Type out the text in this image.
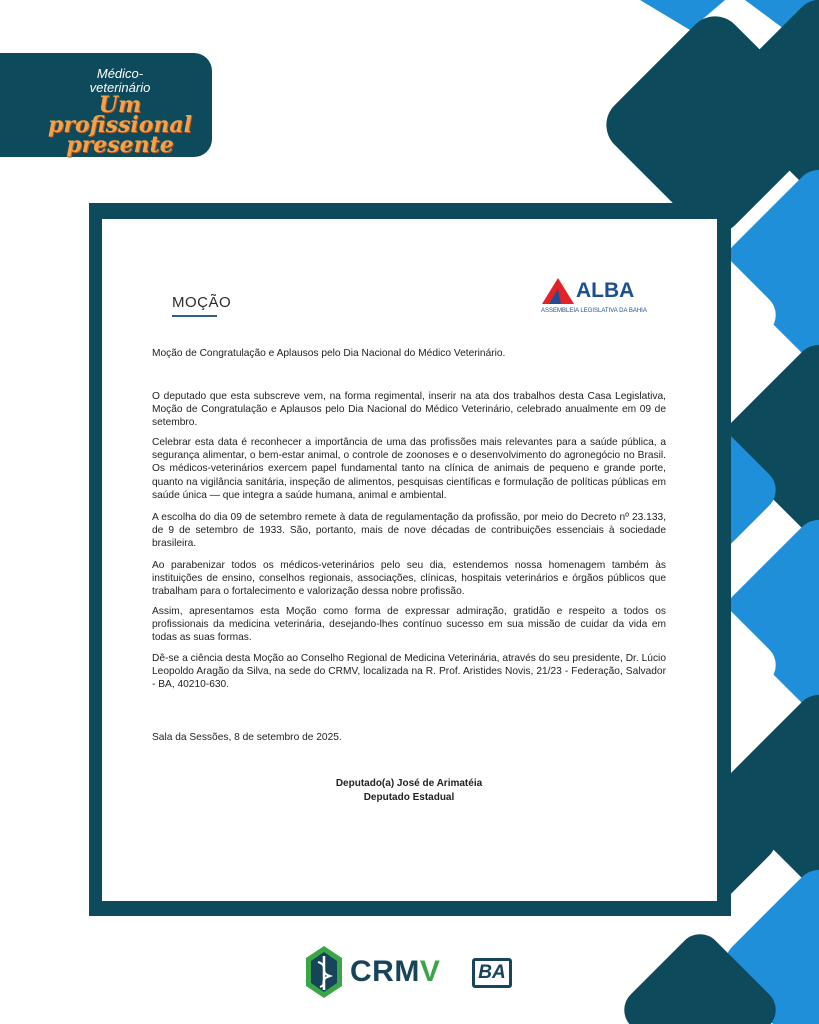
Médico-
veterinário
Um
profissional
presente
MOÇÃO
ALBA
ASSEMBLEIA LEGISLATIVA DA BAHIA

Moção de Congratulação e Aplausos pelo Dia Nacional do Médico Veterinário.

O deputado que esta subscreve vem, na forma regimental, inserir na ata dos trabalhos desta Casa Legislativa, Moção de Congratulação e Aplausos pelo Dia Nacional do Médico Veterinário, celebrado anualmente em 09 de setembro.

Celebrar esta data é reconhecer a importância de uma das profissões mais relevantes para a saúde pública, a segurança alimentar, o bem-estar animal, o controle de zoonoses e o desenvolvimento do agronegócio no Brasil. Os médicos-veterinários exercem papel fundamental tanto na clínica de animais de pequeno e grande porte, quanto na vigilância sanitária, inspeção de alimentos, pesquisas científicas e formulação de políticas públicas em saúde única — que integra a saúde humana, animal e ambiental.

A escolha do dia 09 de setembro remete à data de regulamentação da profissão, por meio do Decreto nº 23.133, de 9 de setembro de 1933. São, portanto, mais de nove décadas de contribuições essenciais à sociedade brasileira.

Ao parabenizar todos os médicos-veterinários pelo seu dia, estendemos nossa homenagem também às instituições de ensino, conselhos regionais, associações, clínicas, hospitais veterinários e órgãos públicos que trabalham para o fortalecimento e valorização dessa nobre profissão.

Assim, apresentamos esta Moção como forma de expressar admiração, gratidão e respeito a todos os profissionais da medicina veterinária, desejando-lhes contínuo sucesso em sua missão de cuidar da vida em todas as suas formas.

Dê-se a ciência desta Moção ao Conselho Regional de Medicina Veterinária, através do seu presidente, Dr. Lúcio Leopoldo Aragão da Silva, na sede do CRMV, localizada na R. Prof. Aristides Novis, 21/23 - Federação, Salvador - BA, 40210-630.

Sala da Sessões, 8 de setembro de 2025.

Deputado(a) José de Arimatéia

Deputado Estadual

CRMV	BA
